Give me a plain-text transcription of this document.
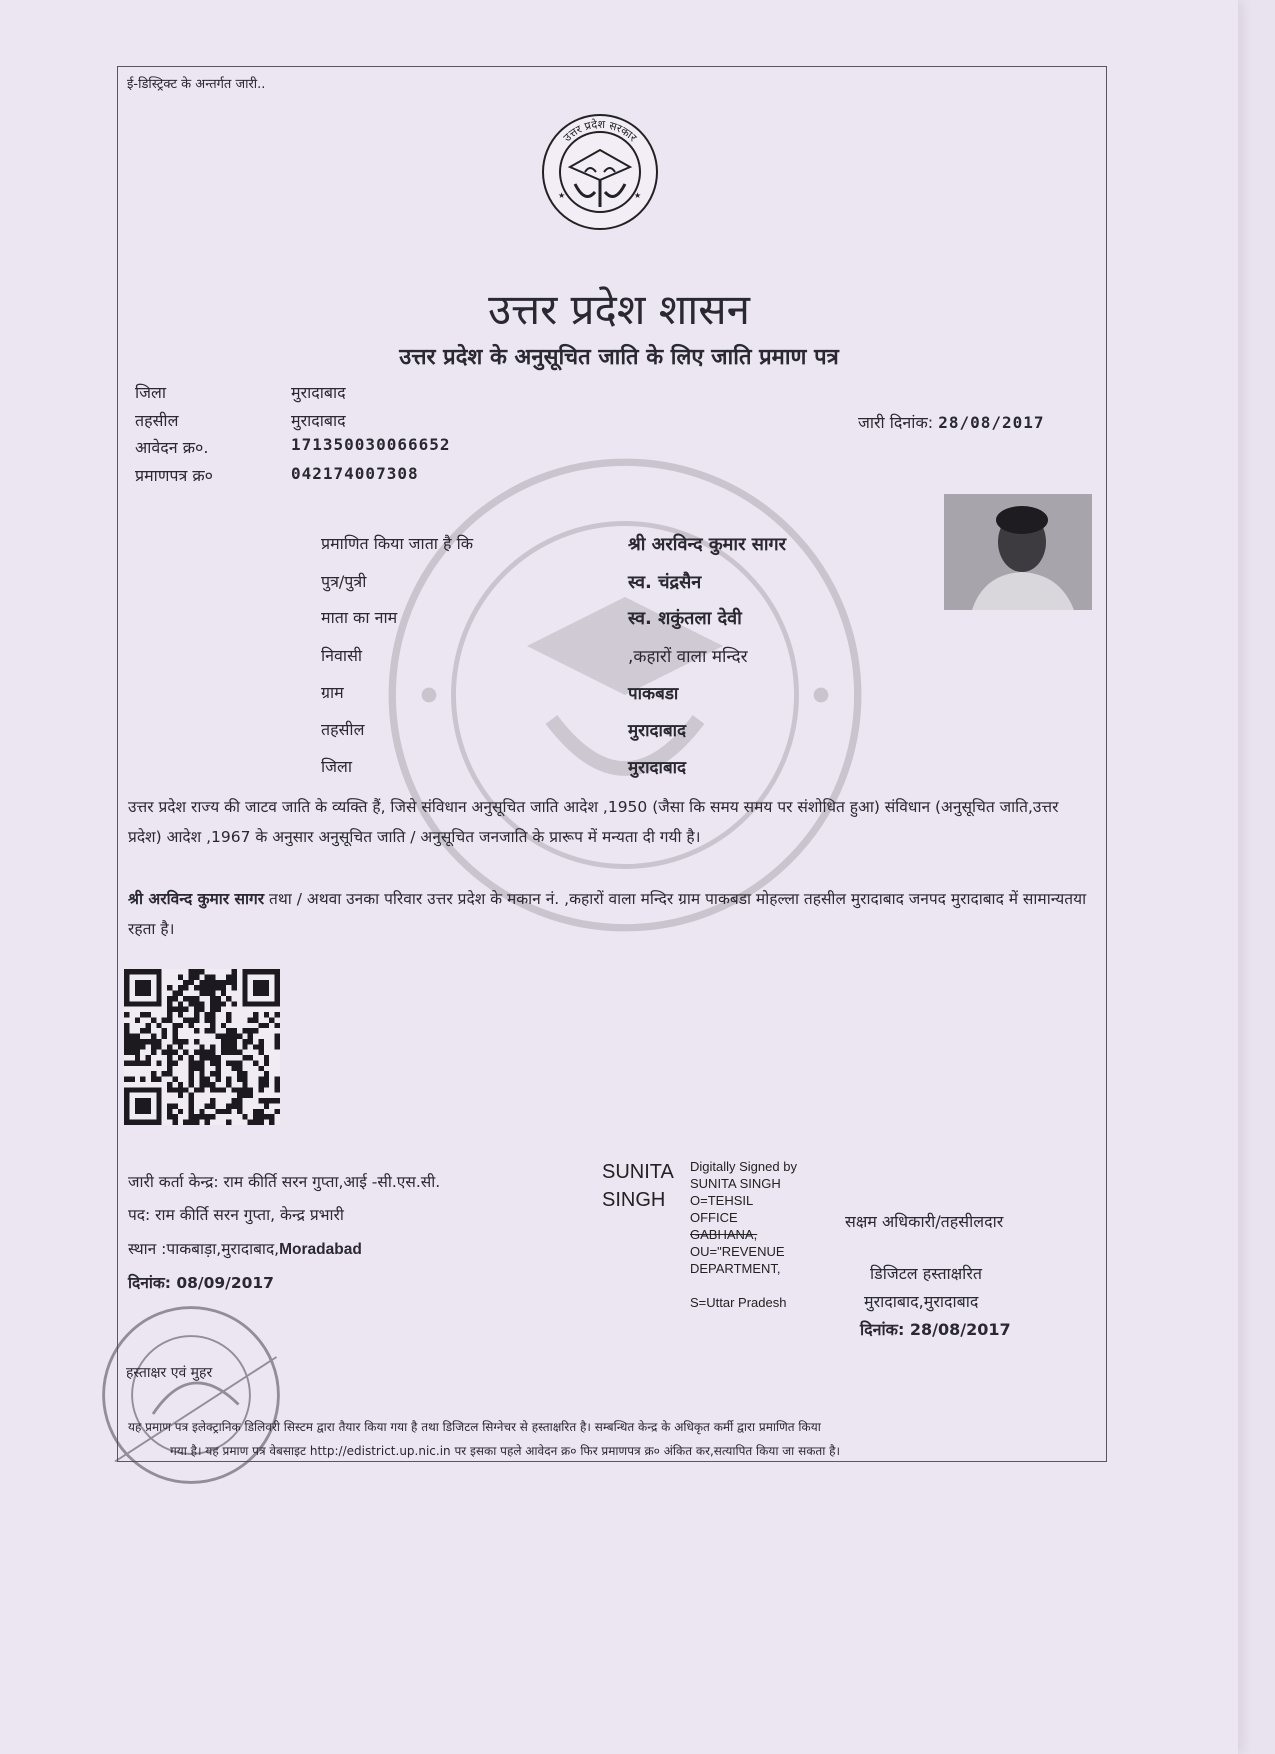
ई-डिस्ट्रिक्ट के अन्तर्गत जारी..
★	★
उत्तर प्रदेश सरकार
उत्तर प्रदेश शासन
उत्तर प्रदेश के अनुसूचित जाति के लिए जाति प्रमाण पत्र
जिला	मुरादाबाद
तहसील	मुरादाबाद
आवेदन क्र०.	171350030066652
प्रमाणपत्र क्र०	042174007308
जारी दिनांक: 28/08/2017
प्रमाणित किया जाता है कि	श्री अरविन्द कुमार सागर
पुत्र/पुत्री	स्व. चंद्रसैन
माता का नाम	स्व. शकुंतला देवी
निवासी	,कहारों वाला मन्दिर
ग्राम	पाकबडा
तहसील	मुरादाबाद
जिला	मुरादाबाद
उत्तर प्रदेश राज्य की जाटव जाति के व्यक्ति हैं, जिसे संविधान अनुसूचित जाति आदेश ,1950 (जैसा कि समय समय पर संशोधित हुआ) संविधान (अनुसूचित जाति,उत्तर प्रदेश) आदेश ,1967 के अनुसार अनुसूचित जाति / अनुसूचित जनजाति के प्रारूप में मन्यता दी गयी है।
श्री अरविन्द कुमार सागर तथा / अथवा उनका परिवार उत्तर प्रदेश के मकान नं. ,कहारों वाला मन्दिर ग्राम पाकबडा मोहल्ला तहसील मुरादाबाद जनपद मुरादाबाद में सामान्यतया रहता है।
जारी कर्ता केन्द्र: राम कीर्ति सरन गुप्ता,आई -सी.एस.सी.
पद: राम कीर्ति सरन गुप्ता, केन्द्र प्रभारी
स्थान :पाकबाड़ा,मुरादाबाद,Moradabad
दिनांक: 08/09/2017
SUNITA
SINGH
Digitally Signed by
SUNITA SINGH
O=TEHSIL
OFFICE
GABHANA,
OU="REVENUE
DEPARTMENT,
S=Uttar Pradesh
सक्षम अधिकारी/तहसीलदार
डिजिटल हस्ताक्षरित
मुरादाबाद,मुरादाबाद
दिनांक: 28/08/2017
हस्ताक्षर एवं मुहर
यह प्रमाण पत्र इलेक्ट्रानिक डिलिवरी सिस्टम द्वारा तैयार किया गया है तथा डिजिटल सिग्नेचर से हस्ताक्षरित है। सम्बन्धित केन्द्र के अधिकृत कर्मी द्वारा प्रमाणित किया
गया है। यह प्रमाण पत्र वेबसाइट http://edistrict.up.nic.in पर इसका पहले आवेदन क्र० फिर प्रमाणपत्र क्र० अंकित कर,सत्यापित किया जा सकता है।
